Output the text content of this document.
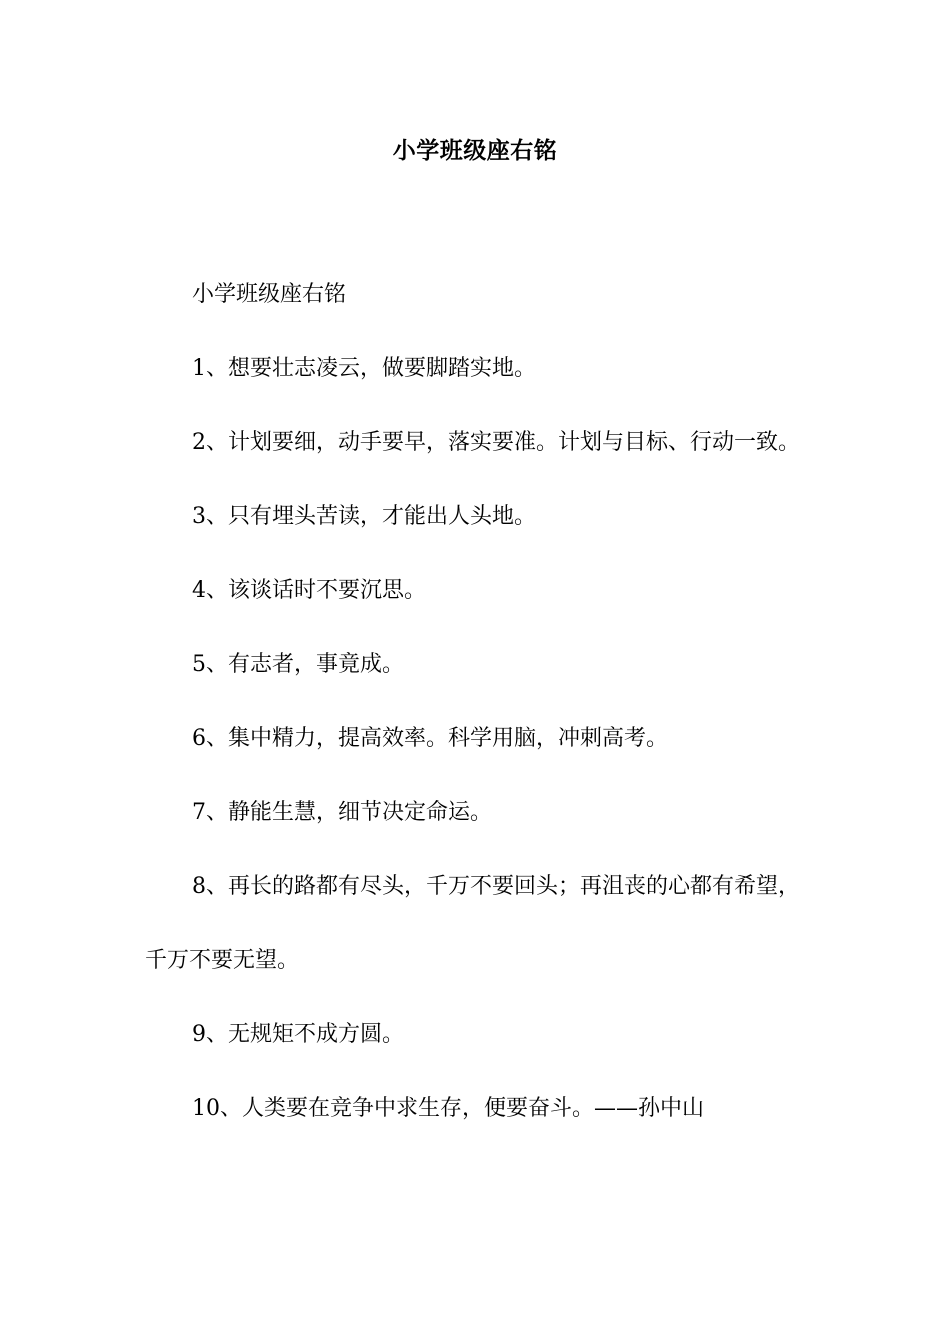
小学班级座右铭

小学班级座右铭

1、想要壮志凌云，做要脚踏实地。

2、计划要细，动手要早，落实要准。计划与目标、行动一致。

3、只有埋头苦读，才能出人头地。

4、该谈话时不要沉思。

5、有志者，事竟成。

6、集中精力，提高效率。科学用脑，冲刺高考。

7、静能生慧，细节决定命运。

8、再长的路都有尽头，千万不要回头；再沮丧的心都有希望，千万不要无望。

9、无规矩不成方圆。

10、人类要在竞争中求生存，便要奋斗。——孙中山
